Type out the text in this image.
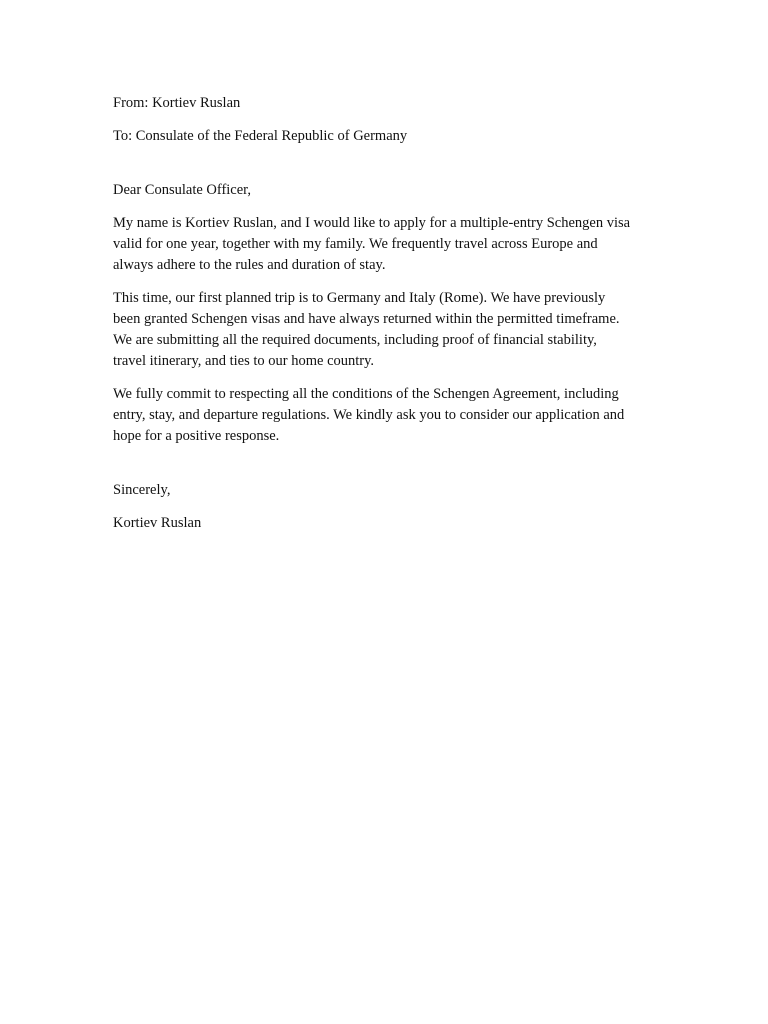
From: Kortiev Ruslan

To: Consulate of the Federal Republic of Germany

Dear Consulate Officer,

My name is Kortiev Ruslan, and I would like to apply for a multiple-entry Schengen visa
valid for one year, together with my family. We frequently travel across Europe and
always adhere to the rules and duration of stay.

This time, our first planned trip is to Germany and Italy (Rome). We have previously
been granted Schengen visas and have always returned within the permitted timeframe.
We are submitting all the required documents, including proof of financial stability,
travel itinerary, and ties to our home country.

We fully commit to respecting all the conditions of the Schengen Agreement, including
entry, stay, and departure regulations. We kindly ask you to consider our application and
hope for a positive response.

Sincerely,

Kortiev Ruslan
